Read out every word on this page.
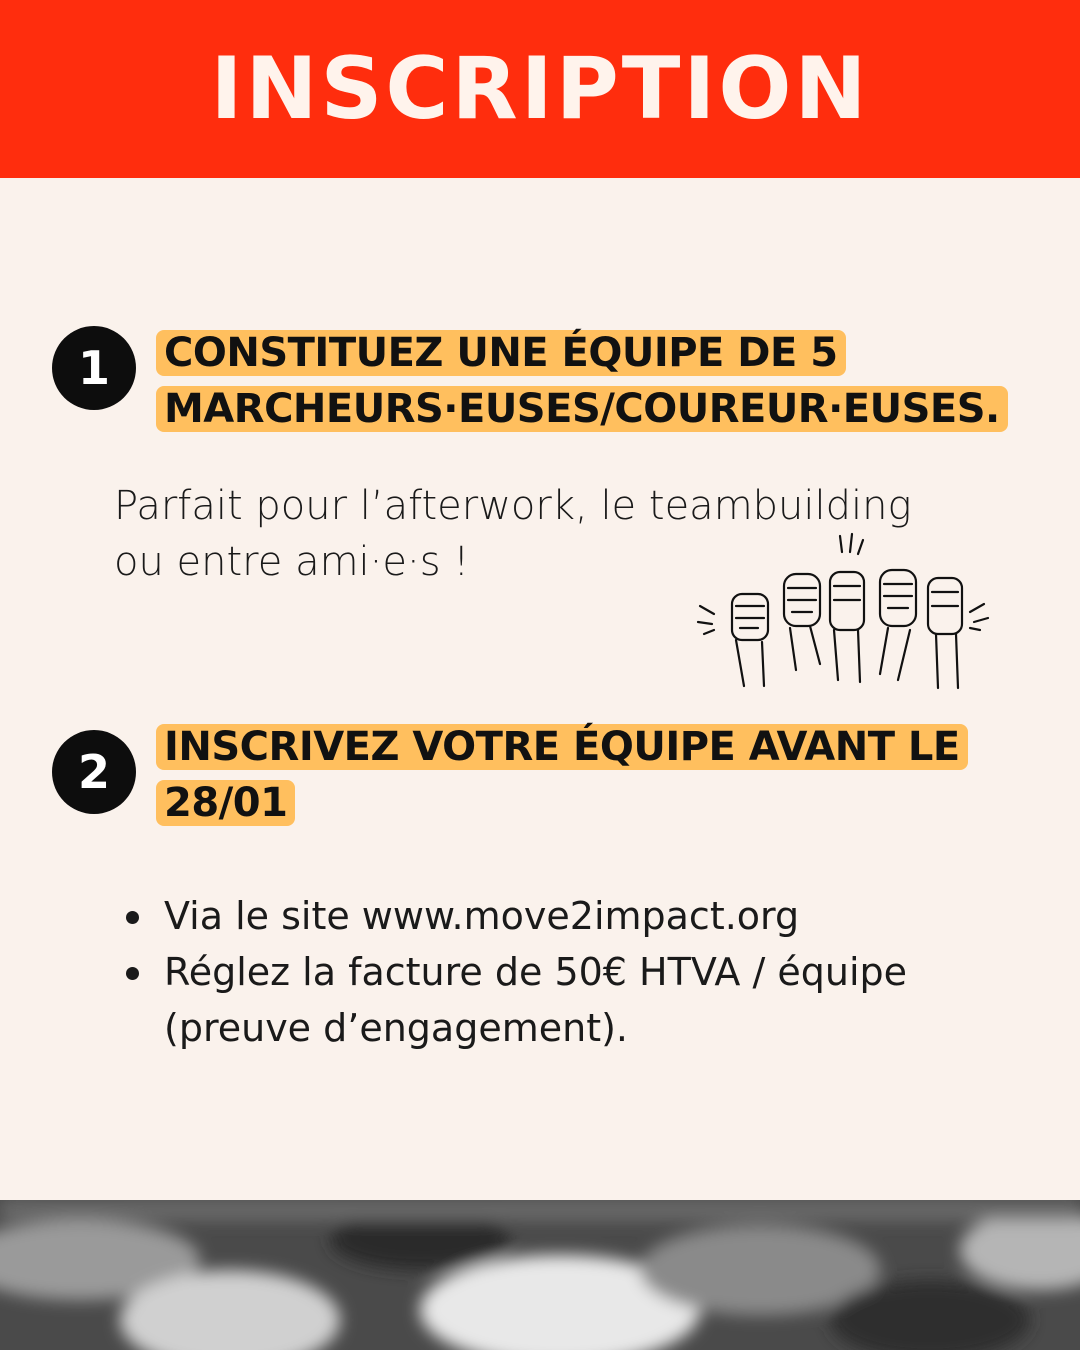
INSCRIPTION
1	CONSTITUEZ UNE ÉQUIPE DE 5 MARCHEURS·EUSES/COUREUR·EUSES.

Parfait pour l’afterwork, le teambuilding ou entre ami·e·s !

2	INSCRIVEZ VOTRE ÉQUIPE AVANT LE 28/01
Via le site www.move2impact.org
Réglez la facture de 50€ HTVA / équipe (preuve d’engagement).
